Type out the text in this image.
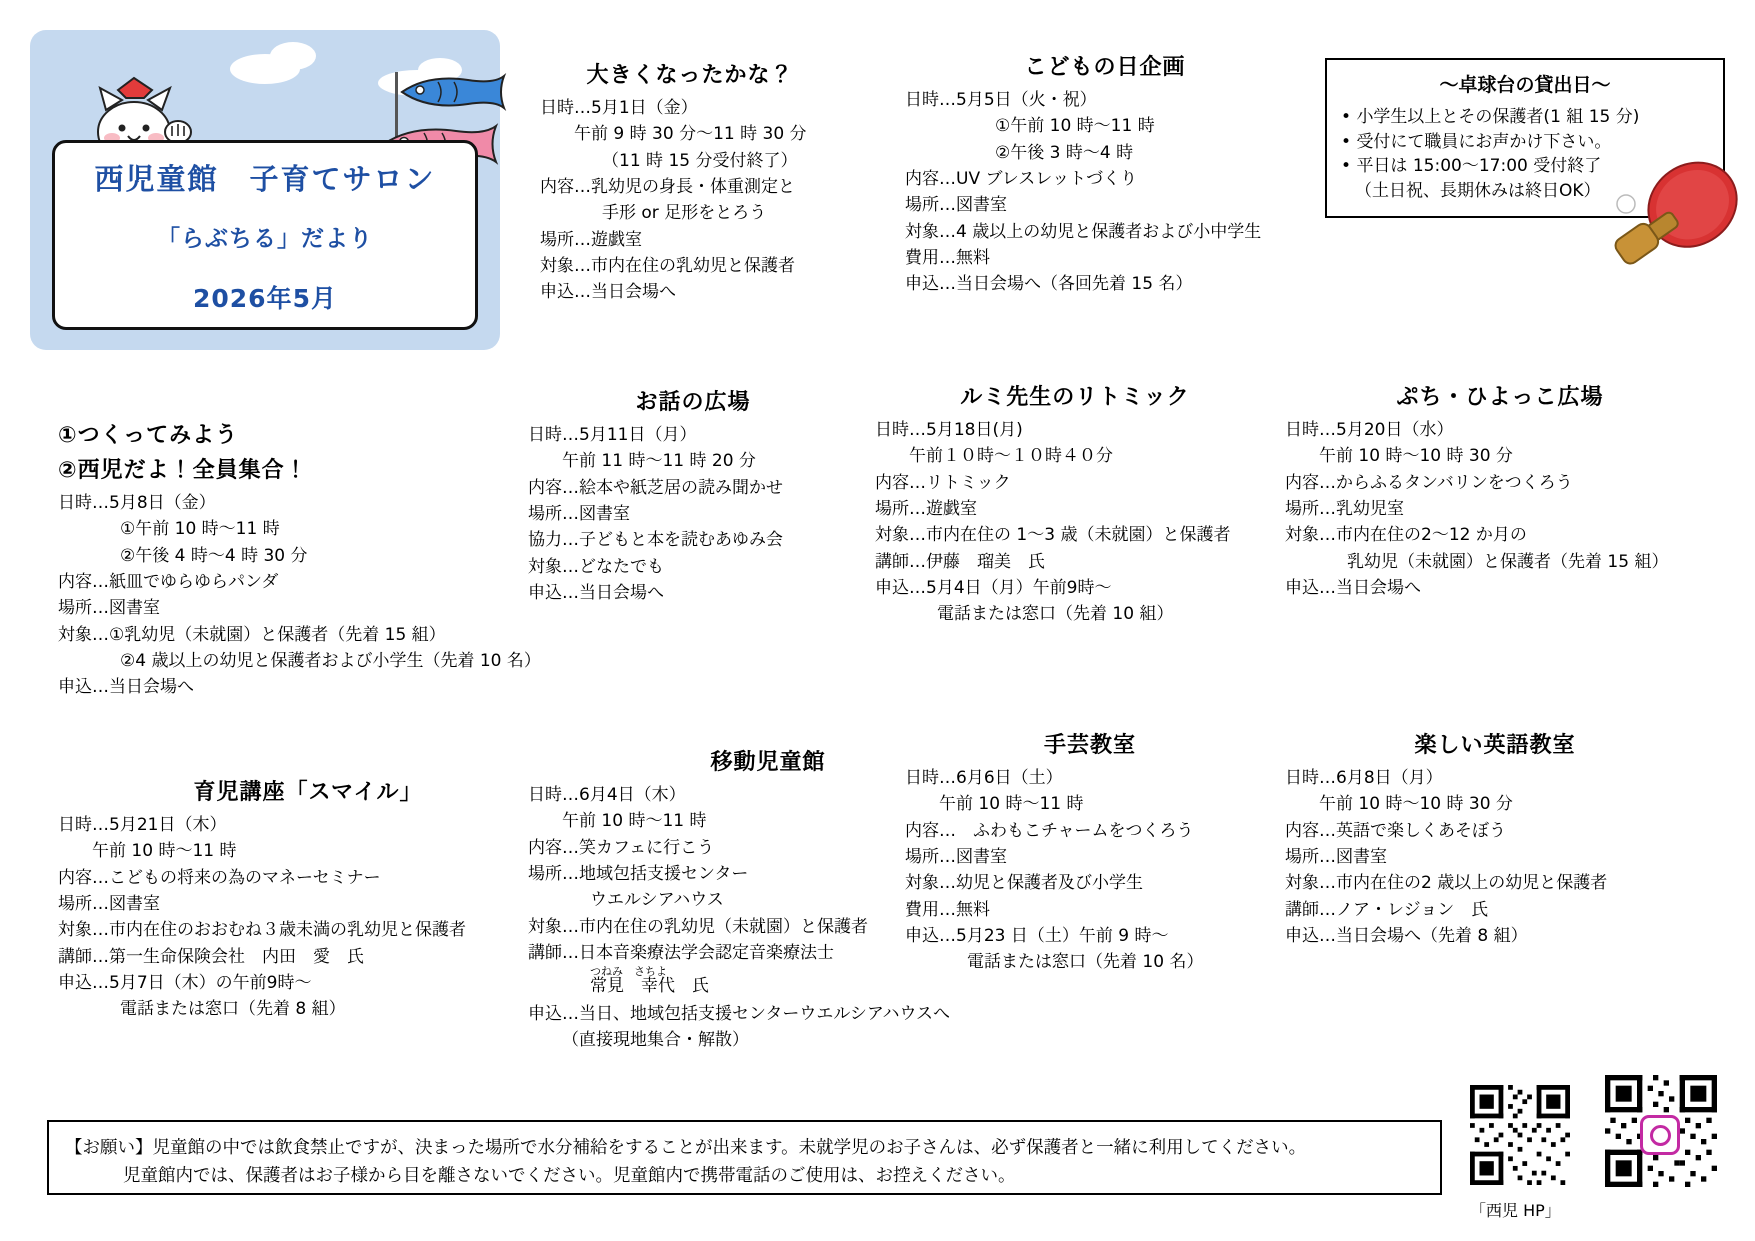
西児童館　子育てサロン
「らぶちる」だより
2026年5月
～卓球台の貸出日～
• 小学生以上とその保護者(1 組 15 分)
• 受付にて職員にお声かけ下さい。
• 平日は 15:00～17:00 受付終了
（土日祝、長期休みは終日OK）
大きくなったかな？
日時… 5月1日（金）
午前 9 時 30 分～11 時 30 分
（11 時 15 分受付終了）
内容… 乳幼児の身長・体重測定と
手形 or 足形をとろう
場所… 遊戯室
対象… 市内在住の乳幼児と保護者
申込… 当日会場へ
こどもの日企画
日時… 5月5日（火・祝）
①午前 10 時～11 時
②午後 3 時～4 時
内容… UV ブレスレットづくり
場所… 図書室
対象… 4 歳以上の幼児と保護者および小中学生
費用… 無料
申込… 当日会場へ（各回先着 15 名）
①つくってみよう
②西児だよ！全員集合！
日時… 5月8日（金）
①午前 10 時～11 時
②午後 4 時～4 時 30 分
内容… 紙皿でゆらゆらパンダ
場所… 図書室
対象… ①乳幼児（未就園）と保護者（先着 15 組）
②4 歳以上の幼児と保護者および小学生（先着 10 名）
申込… 当日会場へ
お話の広場
日時… 5月11日（月）
午前 11 時～11 時 20 分
内容… 絵本や紙芝居の読み聞かせ
場所… 図書室
協力… 子どもと本を読むあゆみ会
対象… どなたでも
申込… 当日会場へ
ルミ先生のリトミック
日時… 5月18日(月)
午前１０時～１０時４０分
内容… リトミック
場所… 遊戯室
対象… 市内在住の 1～3 歳（未就園）と保護者
講師… 伊藤　瑠美　氏
申込… 5月4日（月）午前9時～
電話または窓口（先着 10 組）
ぷち・ひよっこ広場
日時… 5月20日（水）
午前 10 時～10 時 30 分
内容… からふるタンバリンをつくろう
場所… 乳幼児室
対象… 市内在住の2～12 か月の
乳幼児（未就園）と保護者（先着 15 組）
申込… 当日会場へ
育児講座「スマイル」
日時… 5月21日（木）
午前 10 時～11 時
内容… こどもの将来の為のマネーセミナー
場所… 図書室
対象… 市内在住のおおむね３歳未満の乳幼児と保護者
講師… 第一生命保険会社　内田　愛　氏
申込… 5月7日（木）の午前9時～
電話または窓口（先着 8 組）
移動児童館
日時… 6月4日（木）
午前 10 時～11 時
内容… 笑カフェに行こう
場所… 地域包括支援センター
ウエルシアハウス
対象… 市内在住の乳幼児（未就園）と保護者
講師… 日本音楽療法学会認定音楽療法士
つねみ　さちよ
常見　幸代　氏
申込… 当日、地域包括支援センターウエルシアハウスへ
（直接現地集合・解散）
手芸教室
日時… 6月6日（土）
午前 10 時～11 時
内容… 　ふわもこチャームをつくろう
場所… 図書室
対象… 幼児と保護者及び小学生
費用… 無料
申込… 5月23 日（土）午前 9 時～
電話または窓口（先着 10 名）
楽しい英語教室
日時… 6月8日（月）
午前 10 時～10 時 30 分
内容… 英語で楽しくあそぼう
場所… 図書室
対象… 市内在住の2 歳以上の幼児と保護者
講師… ノア・レジョン　氏
申込… 当日会場へ（先着 8 組）
【お願い】児童館の中では飲食禁止ですが、決まった場所で水分補給をすることが出来ます。未就学児のお子さんは、必ず保護者と一緒に利用してください。
児童館内では、保護者はお子様から目を離さないでください。児童館内で携帯電話のご使用は、お控えください。
「西児 HP」
